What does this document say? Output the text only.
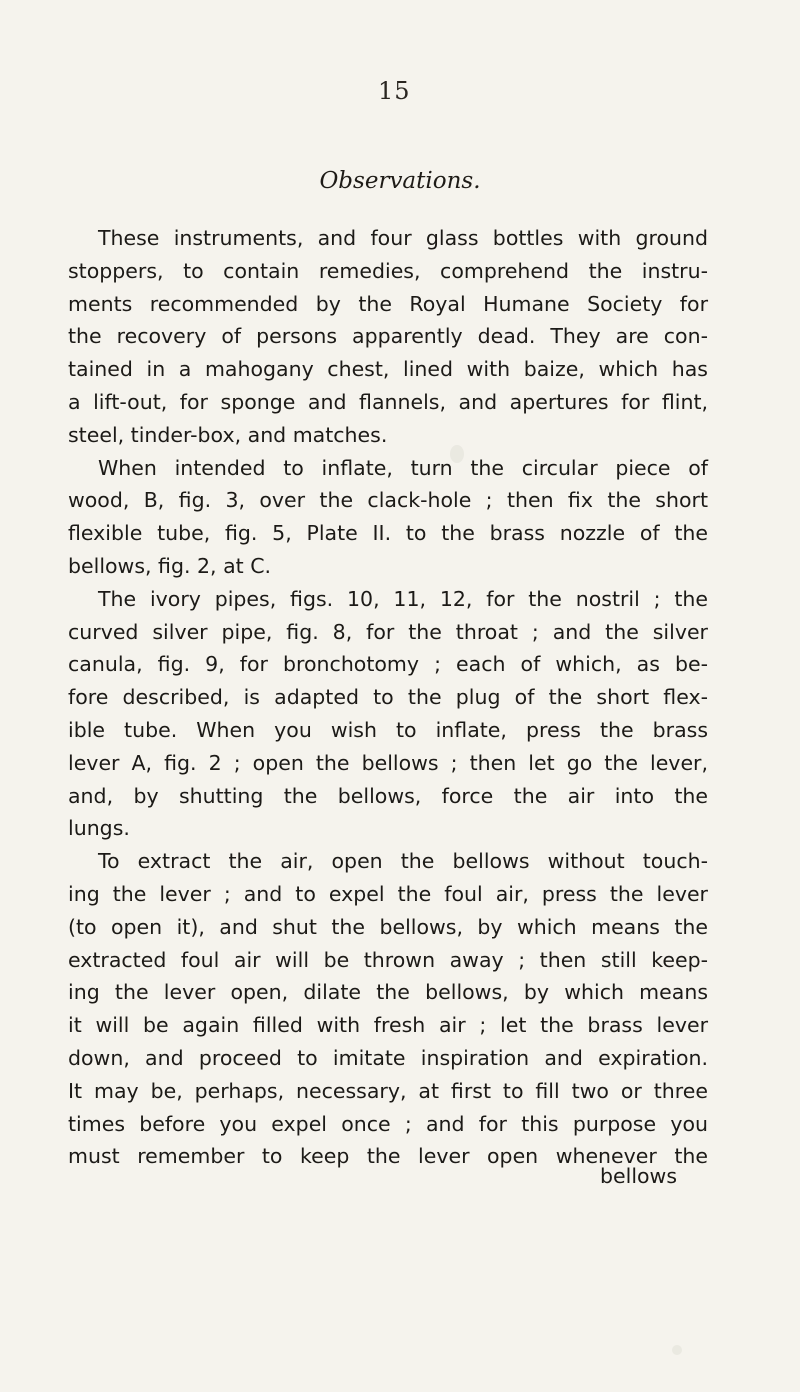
15
Observations.
These instruments, and four glass bottles with ground
stoppers, to contain remedies, comprehend the instru-
ments recommended by the Royal Humane Society for
the recovery of persons apparently dead. They are con-
tained in a mahogany chest, lined with baize, which has
a lift-out, for sponge and flannels, and apertures for flint,
steel, tinder-box, and matches.
When intended to inflate, turn the circular piece of
wood, B, fig. 3, over the clack-hole ; then fix the short
flexible tube, fig. 5, Plate II. to the brass nozzle of the
bellows, fig. 2, at C.
The ivory pipes, figs. 10, 11, 12, for the nostril ; the
curved silver pipe, fig. 8, for the throat ; and the silver
canula, fig. 9, for bronchotomy ; each of which, as be-
fore described, is adapted to the plug of the short flex-
ible tube. When you wish to inflate, press the brass
lever A, fig. 2 ; open the bellows ; then let go the lever,
and, by shutting the bellows, force the air into the
lungs.
To extract the air, open the bellows without touch-
ing the lever ; and to expel the foul air, press the lever
(to open it), and shut the bellows, by which means the
extracted foul air will be thrown away ; then still keep-
ing the lever open, dilate the bellows, by which means
it will be again filled with fresh air ; let the brass lever
down, and proceed to imitate inspiration and expiration.
It may be, perhaps, necessary, at first to fill two or three
times before you expel once ; and for this purpose you
must remember to keep the lever open whenever the
bellows
